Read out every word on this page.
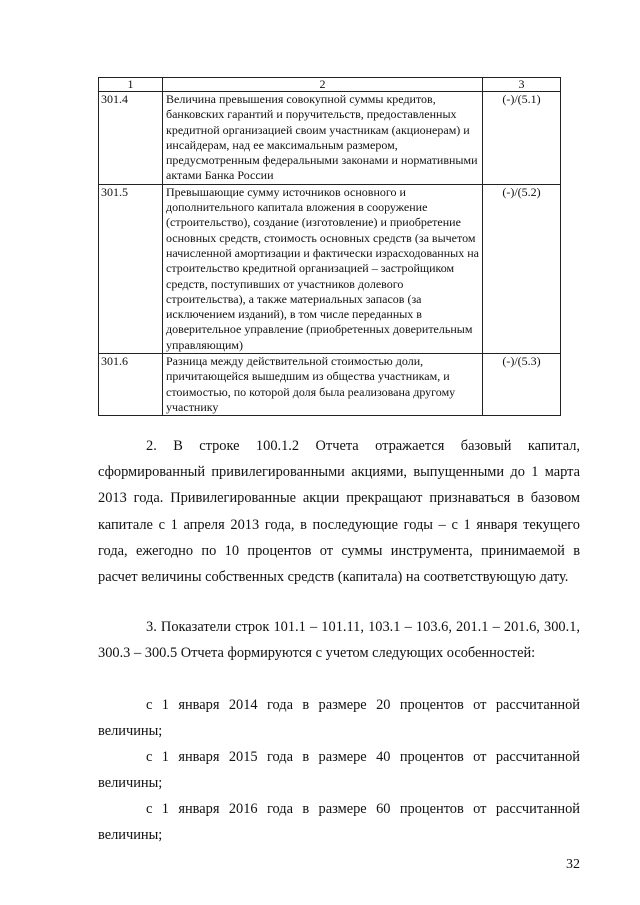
1	2	3
301.4	Величина превышения совокупной суммы кредитов, банковских гарантий и поручительств, предоставленных кредитной организацией своим участникам (акционерам) и инсайдерам, над ее максимальным размером, предусмотренным федеральными законами и нормативными актами Банка России	(-)/(5.1)
301.5	Превышающие сумму источников основного и дополнительного капитала вложения в сооружение (строительство), создание (изготовление) и приобретение основных средств, стоимость основных средств (за вычетом начисленной амортизации и фактически израсходованных на строительство кредитной организацией – застройщиком средств, поступивших от участников долевого строительства), а также материальных запасов (за исключением изданий), в том числе переданных в доверительное управление (приобретенных доверительным управляющим)	(-)/(5.2)
301.6	Разница между действительной стоимостью доли, причитающейся вышедшим из общества участникам, и стоимостью, по которой доля была реализована другому участнику	(-)/(5.3)

2. В строке 100.1.2 Отчета отражается базовый капитал, сформированный привилегированными акциями, выпущенными до 1 марта 2013 года. Привилегированные акции прекращают признаваться в базовом капитале с 1 апреля 2013 года, в последующие годы – с 1 января текущего года, ежегодно по 10 процентов от суммы инструмента, принимаемой в расчет величины собственных средств (капитала) на соответствующую дату.

3. Показатели строк 101.1 – 101.11, 103.1 – 103.6, 201.1 – 201.6, 300.1, 300.3 – 300.5 Отчета формируются с учетом следующих особенностей:

с 1 января 2014 года в размере 20 процентов от рассчитанной величины;

с 1 января 2015 года в размере 40 процентов от рассчитанной величины;

с 1 января 2016 года в размере 60 процентов от рассчитанной величины;

32
